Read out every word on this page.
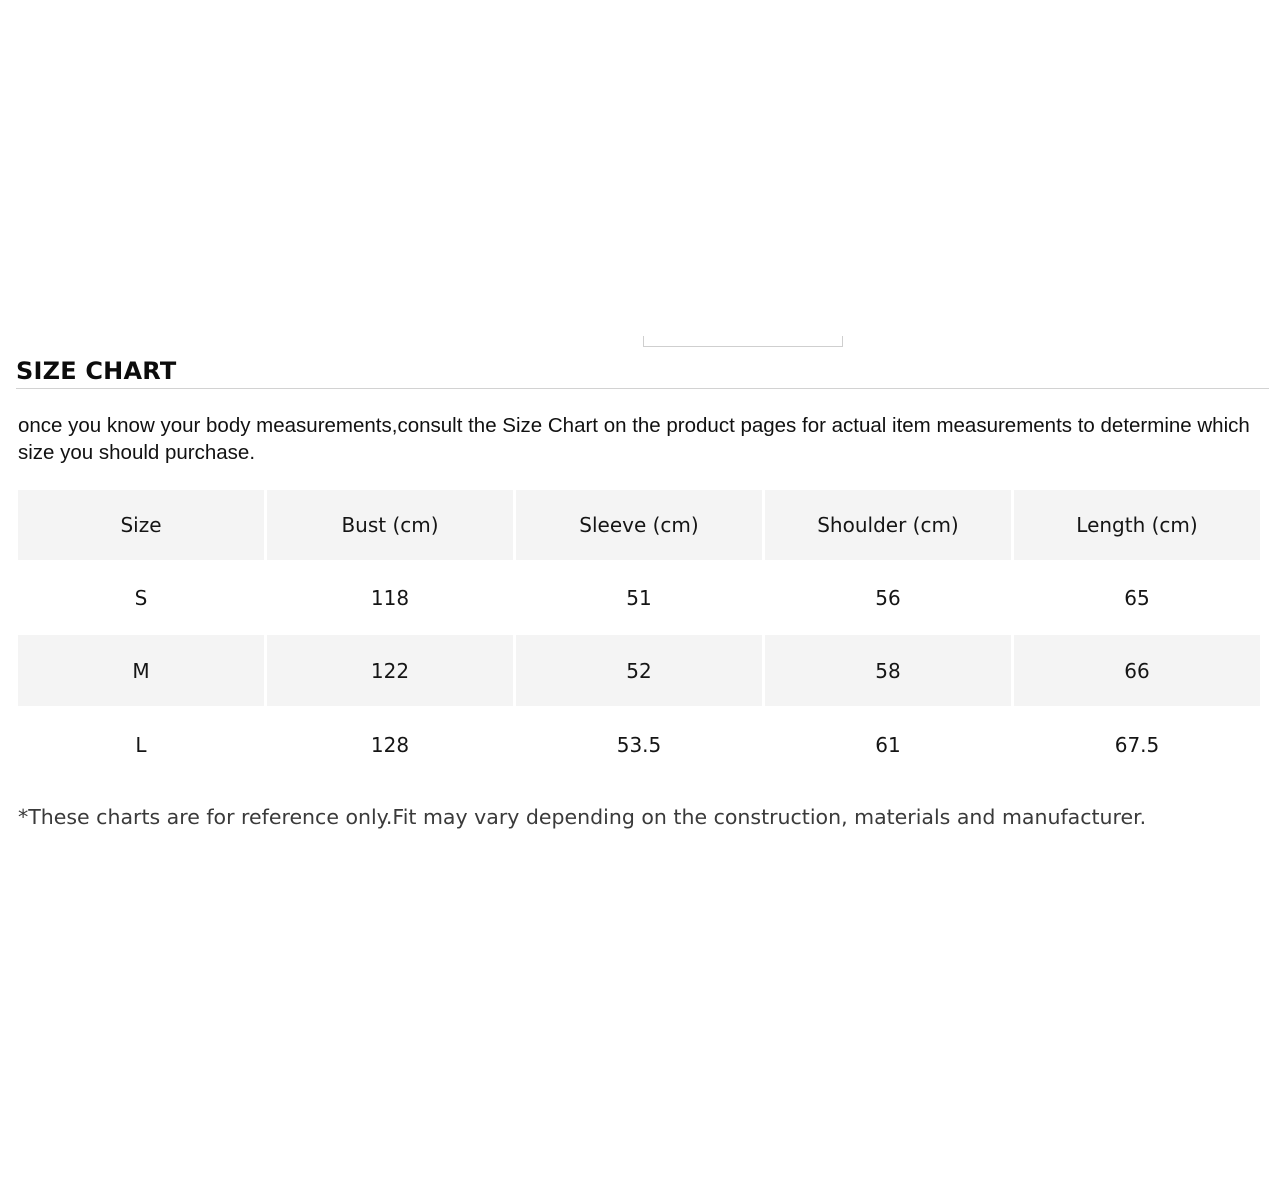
SIZE CHART

once you know your body measurements,consult the Size Chart on the product pages for actual item measurements to determine which size you should purchase.

Size	Bust (cm)	Sleeve (cm)	Shoulder (cm)	Length (cm)
S	118	51	56	65
M	122	52	58	66
L	128	53.5	61	67.5

*These charts are for reference only.Fit may vary depending on the construction, materials and manufacturer.
